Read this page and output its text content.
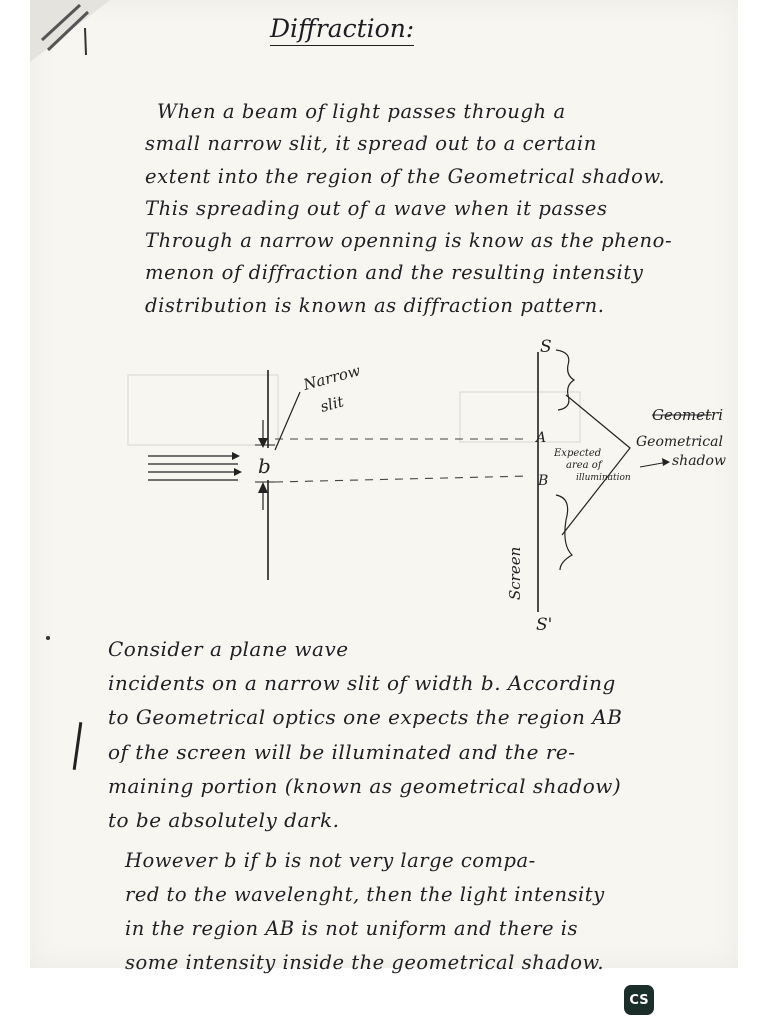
Diffraction:
When a beam of light passes through a
small narrow slit, it spread out to a certain
extent into the region of the Geometrical shadow.
This spreading out of a wave when it passes
Through a narrow openning is know as the pheno-
menon of diffraction and the resulting intensity
distribution is known as diffraction pattern.
b
Narrow
slit
S
S'
A
B
Screen
Expected
area of
illumination
Geometri
Geometrical
shadow
Consider a plane wave
incidents on a narrow slit of width b. According
to Geometrical optics one expects the region AB
of the screen will be illuminated and the re-
maining portion (known as geometrical shadow)
to be absolutely dark.
However b if b is not very large compa-
red to the wavelenght, then the light intensity
in the region AB is not uniform and there is
some intensity inside the geometrical shadow.
CS
